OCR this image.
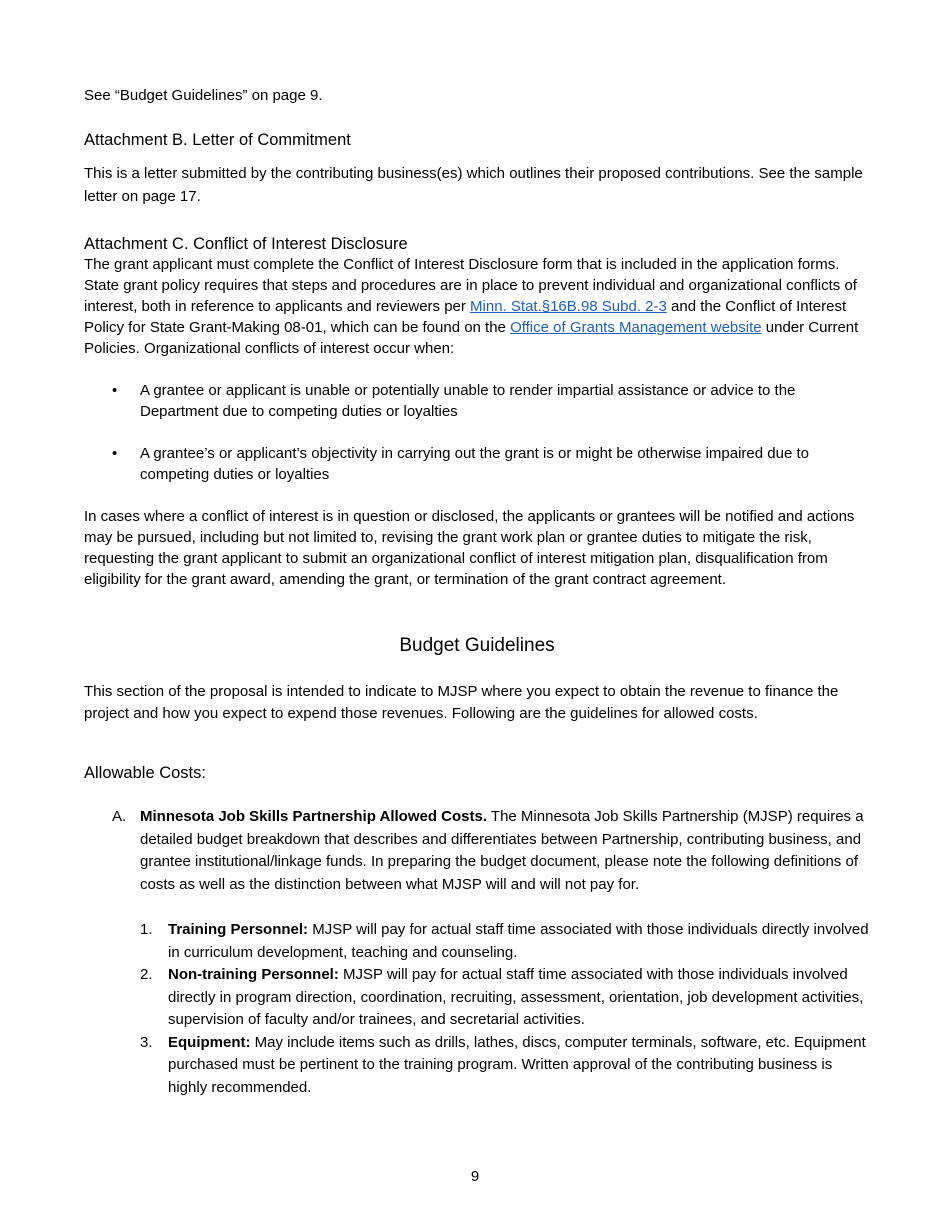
See “Budget Guidelines” on page 9.

Attachment B. Letter of Commitment

This is a letter submitted by the contributing business(es) which outlines their proposed contributions. See the sample letter on page 17.

Attachment C. Conflict of Interest Disclosure

The grant applicant must complete the Conflict of Interest Disclosure form that is included in the application forms. State grant policy requires that steps and procedures are in place to prevent individual and organizational conflicts of interest, both in reference to applicants and reviewers per Minn. Stat.§16B.98 Subd. 2-3 and the Conflict of Interest Policy for State Grant-Making 08-01, which can be found on the Office of Grants Management website under Current Policies. Organizational conflicts of interest occur when:

• A grantee or applicant is unable or potentially unable to render impartial assistance or advice to the Department due to competing duties or loyalties
• A grantee’s or applicant’s objectivity in carrying out the grant is or might be otherwise impaired due to competing duties or loyalties

In cases where a conflict of interest is in question or disclosed, the applicants or grantees will be notified and actions may be pursued, including but not limited to, revising the grant work plan or grantee duties to mitigate the risk, requesting the grant applicant to submit an organizational conflict of interest mitigation plan, disqualification from eligibility for the grant award, amending the grant, or termination of the grant contract agreement.

Budget Guidelines

This section of the proposal is intended to indicate to MJSP where you expect to obtain the revenue to finance the project and how you expect to expend those revenues. Following are the guidelines for allowed costs.

Allowable Costs:
A. Minnesota Job Skills Partnership Allowed Costs. The Minnesota Job Skills Partnership (MJSP) requires a detailed budget breakdown that describes and differentiates between Partnership, contributing business, and grantee institutional/linkage funds. In preparing the budget document, please note the following definitions of costs as well as the distinction between what MJSP will and will not pay for.
1. Training Personnel: MJSP will pay for actual staff time associated with those individuals directly involved in curriculum development, teaching and counseling.
2. Non-training Personnel: MJSP will pay for actual staff time associated with those individuals involved directly in program direction, coordination, recruiting, assessment, orientation, job development activities, supervision of faculty and/or trainees, and secretarial activities.
3. Equipment: May include items such as drills, lathes, discs, computer terminals, software, etc. Equipment purchased must be pertinent to the training program. Written approval of the contributing business is highly recommended.
9
